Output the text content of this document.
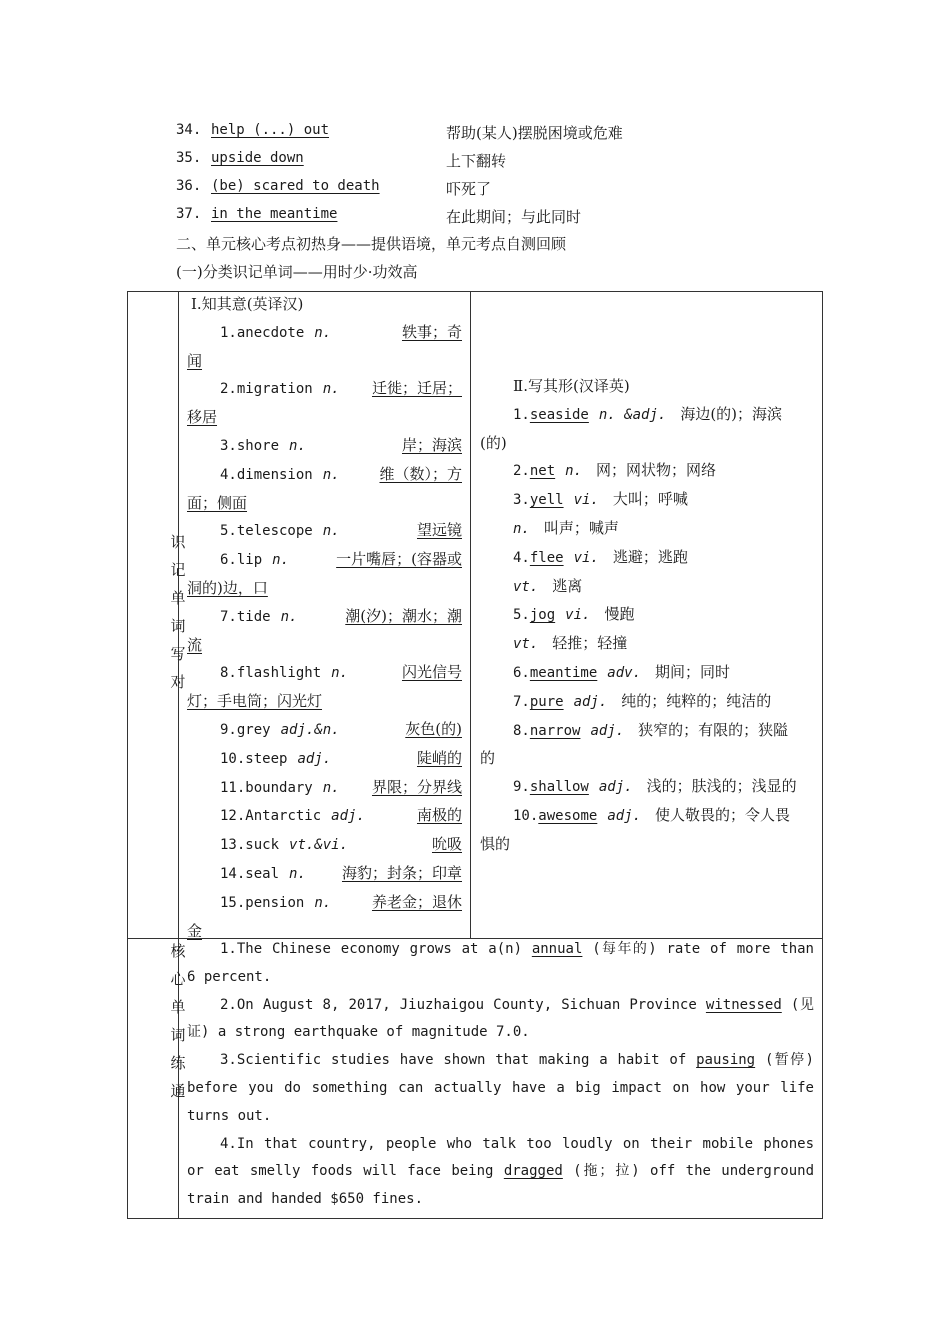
34. help (...) out	帮助(某人)摆脱困境或危难
35. upside down	上下翻转
36. (be) scared to death	吓死了
37. in the meantime	在此期间；与此同时
二、单元核心考点初热身——提供语境，单元考点自测回顾
(一)分类识记单词——用时少·功效高
识
记
单
词
写
对
核
心
单
词
练
通
Ⅰ.知其意(英译汉)
1.anecdote n.	轶事；奇
闻
2.migration n. 迁徙；迁居；
移居
3.shore n.	岸；海滨
4.dimension n.	维（数）；方
面；侧面
5.telescope n.	望远镜
6.lip n.	一片嘴唇；(容器或
洞的)边，口
7.tide n.	潮(汐)；潮水；潮
流
8.flashlight n.	闪光信号
灯；手电筒；闪光灯
9.grey adj.&n.	灰色(的)
10.steep adj.	陡峭的
11.boundary n. 界限；分界线
12.Antarctic adj.	南极的
13.suck vt.&vi.	吮吸
14.seal n. 海豹；封条；印章
15.pension n.	养老金；退休
金
Ⅱ.写其形(汉译英)
1.seaside n. &adj. 海边(的)；海滨
(的)
2.net n. 网；网状物；网络
3.yell vi. 大叫；呼喊
n. 叫声；喊声
4.flee vi. 逃避；逃跑
vt. 逃离
5.jog vi. 慢跑
vt. 轻推；轻撞
6.meantime adv. 期间；同时
7.pure adj. 纯的；纯粹的；纯洁的
8.narrow adj. 狭窄的；有限的；狭隘
的
9.shallow adj. 浅的；肤浅的；浅显的
10.awesome adj. 使人敬畏的；令人畏
惧的
1.The Chinese economy grows at a(n) annual (每年的) rate of more than
6 percent.
2.On August 8, 2017, Jiuzhaigou County, Sichuan Province witnessed (见
证) a strong earthquake of magnitude 7.0.
3.Scientific studies have shown that making a habit of pausing (暂停)
before you do something can actually have a big impact on how your life
turns out.
4.In that country, people who talk too loudly on their mobile phones
or eat smelly foods will face being dragged (拖；拉) off the underground
train and handed $650 fines.
